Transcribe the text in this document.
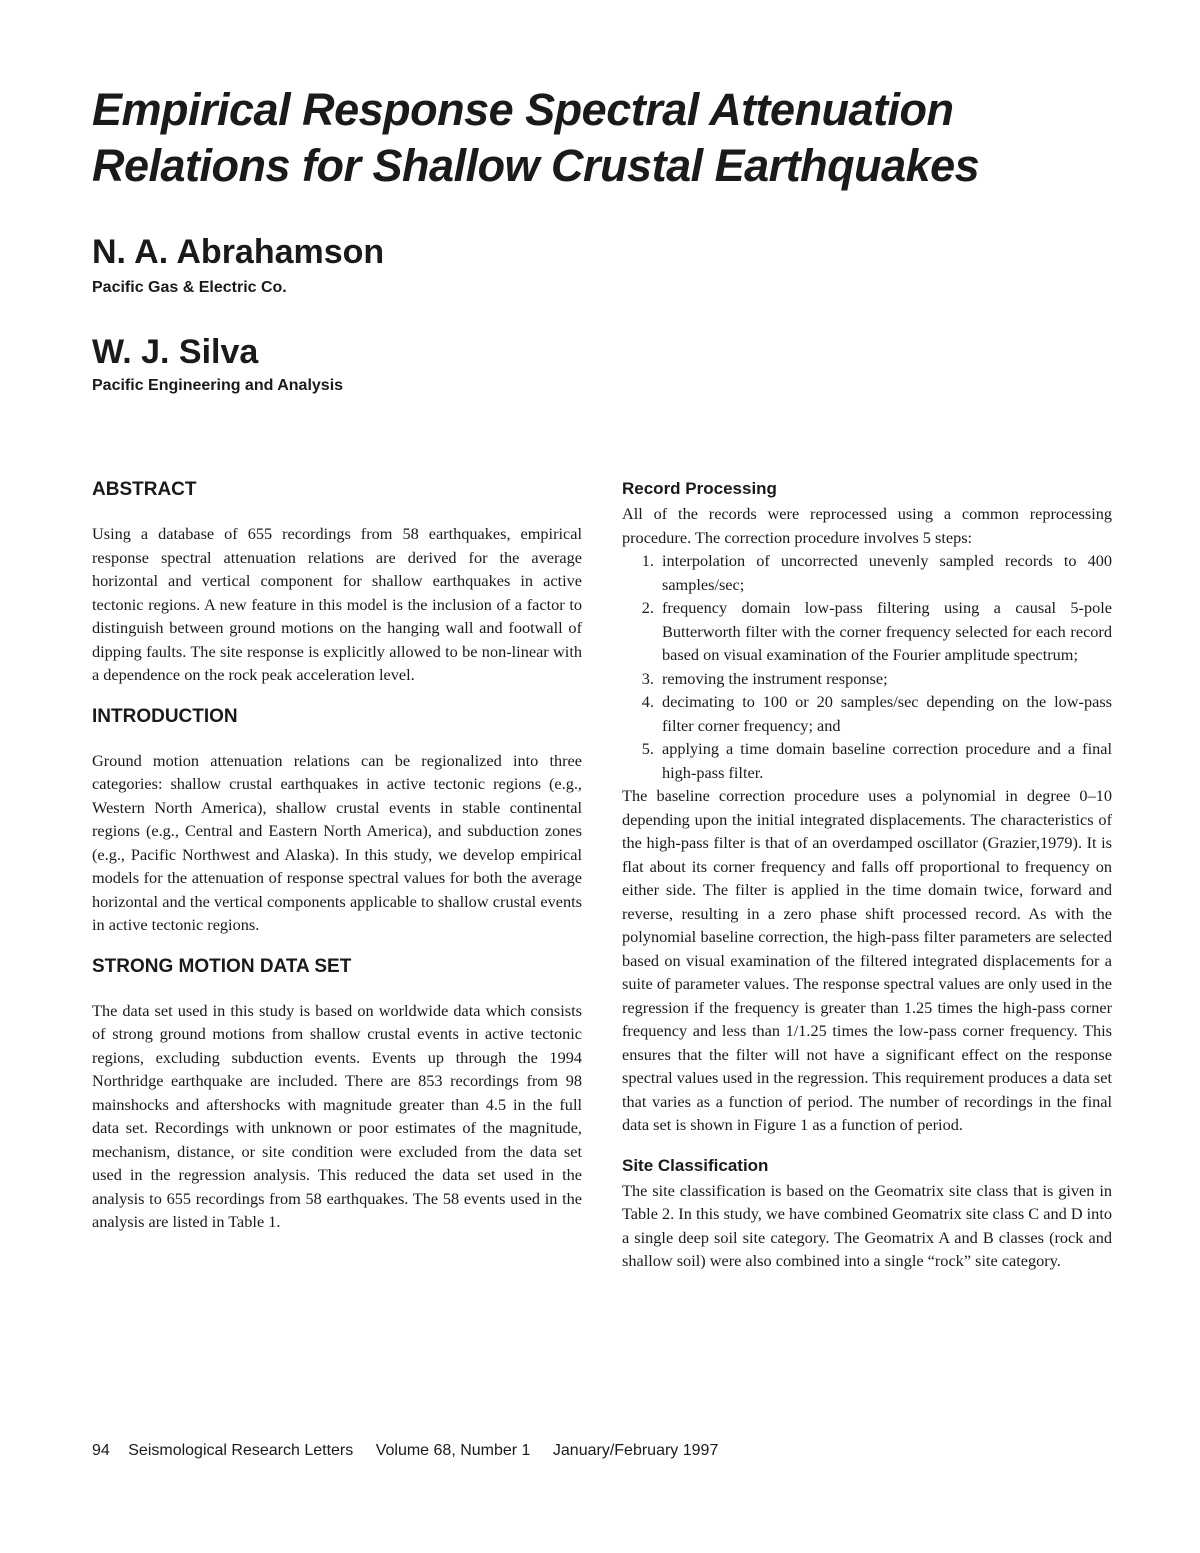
Empirical Response Spectral Attenuation
Relations for Shallow Crustal Earthquakes
N. A. Abrahamson
Pacific Gas & Electric Co.
W. J. Silva
Pacific Engineering and Analysis
ABSTRACT

Using a database of 655 recordings from 58 earthquakes, empirical response spectral attenuation relations are derived for the average horizontal and vertical component for shallow earthquakes in active tectonic regions. A new feature in this model is the inclusion of a factor to distinguish between ground motions on the hanging wall and footwall of dipping faults. The site response is explicitly allowed to be non-linear with a dependence on the rock peak acceleration level.

INTRODUCTION

Ground motion attenuation relations can be regionalized into three categories: shallow crustal earthquakes in active tectonic regions (e.g., Western North America), shallow crustal events in stable continental regions (e.g., Central and Eastern North America), and subduction zones (e.g., Pacific Northwest and Alaska). In this study, we develop empirical models for the attenuation of response spectral values for both the average horizontal and the vertical components applicable to shallow crustal events in active tectonic regions.

STRONG MOTION DATA SET

The data set used in this study is based on worldwide data which consists of strong ground motions from shallow crustal events in active tectonic regions, excluding subduction events. Events up through the 1994 Northridge earthquake are included. There are 853 recordings from 98 mainshocks and aftershocks with magnitude greater than 4.5 in the full data set. Recordings with unknown or poor estimates of the magnitude, mechanism, distance, or site condition were excluded from the data set used in the regression analysis. This reduced the data set used in the analysis to 655 recordings from 58 earthquakes. The 58 events used in the analysis are listed in Table 1.

Record Processing

All of the records were reprocessed using a common reprocessing procedure. The correction procedure involves 5 steps:

1. interpolation of uncorrected unevenly sampled records to 400 samples/sec;
2. frequency domain low-pass filtering using a causal 5-pole Butterworth filter with the corner frequency selected for each record based on visual examination of the Fourier amplitude spectrum;
3. removing the instrument response;
4. decimating to 100 or 20 samples/sec depending on the low-pass filter corner frequency; and
5. applying a time domain baseline correction procedure and a final high-pass filter.

The baseline correction procedure uses a polynomial in degree 0–10 depending upon the initial integrated displacements. The characteristics of the high-pass filter is that of an overdamped oscillator (Grazier,1979). It is flat about its corner frequency and falls off proportional to frequency on either side. The filter is applied in the time domain twice, forward and reverse, resulting in a zero phase shift processed record. As with the polynomial baseline correction, the high-pass filter parameters are selected based on visual examination of the filtered integrated displacements for a suite of parameter values. The response spectral values are only used in the regression if the frequency is greater than 1.25 times the high-pass corner frequency and less than 1/1.25 times the low-pass corner frequency. This ensures that the filter will not have a significant effect on the response spectral values used in the regression. This requirement produces a data set that varies as a function of period. The number of recordings in the final data set is shown in Figure 1 as a function of period.

Site Classification

The site classification is based on the Geomatrix site class that is given in Table 2. In this study, we have combined Geomatrix site class C and D into a single deep soil site category. The Geomatrix A and B classes (rock and shallow soil) were also combined into a single “rock” site category.

94 Seismological Research Letters Volume 68, Number 1 January/February 1997
